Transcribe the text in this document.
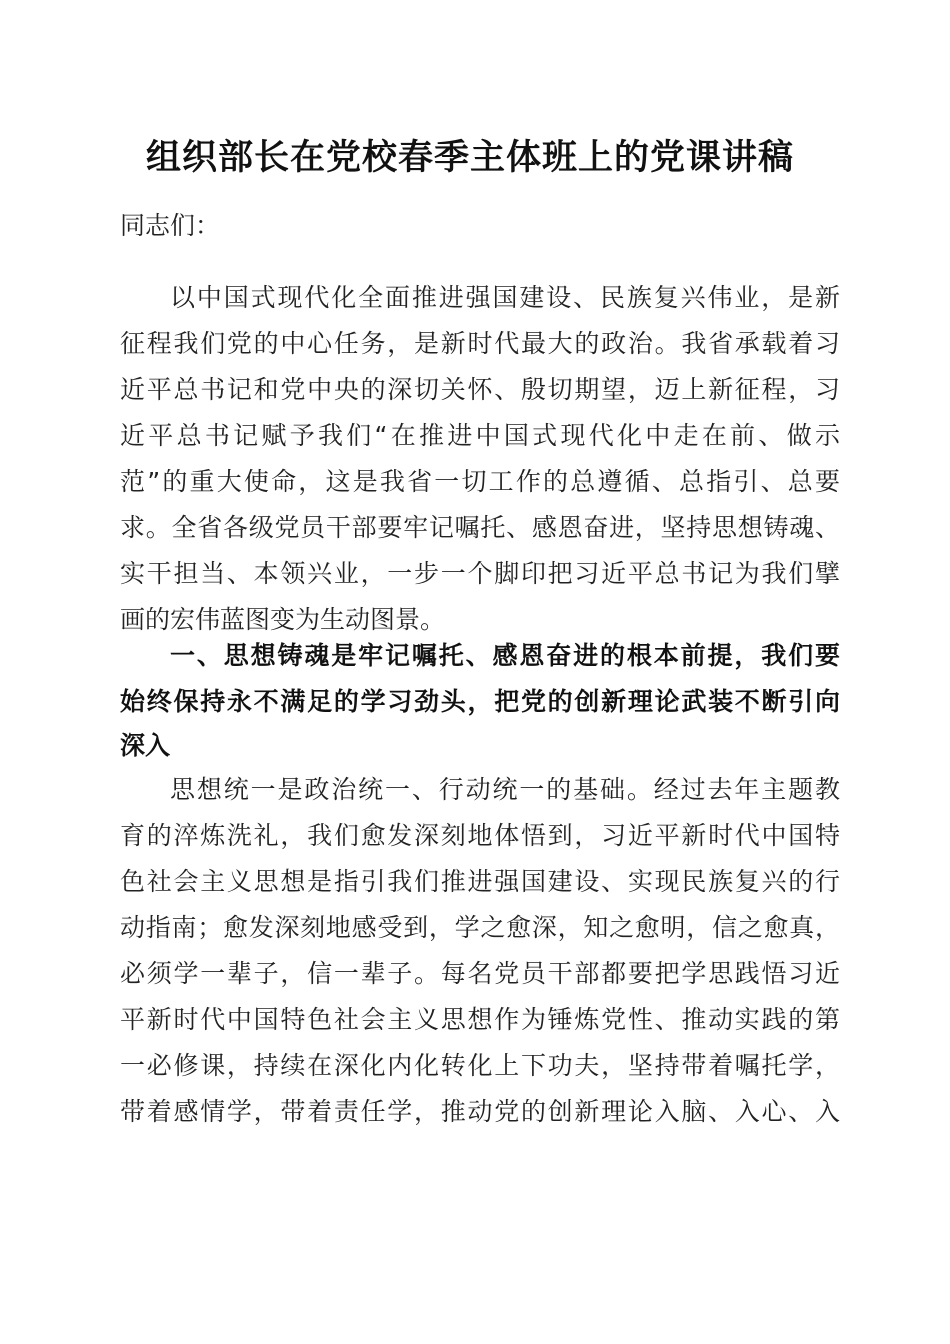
组织部长在党校春季主体班上的党课讲稿
同志们：
以中国式现代化全面推进强国建设、民族复兴伟业，是新
征程我们党的中心任务，是新时代最大的政治。我省承载着习
近平总书记和党中央的深切关怀、殷切期望，迈上新征程，习
近平总书记赋予我们“在推进中国式现代化中走在前、做示
范”的重大使命，这是我省一切工作的总遵循、总指引、总要
求。全省各级党员干部要牢记嘱托、感恩奋进，坚持思想铸魂、
实干担当、本领兴业，一步一个脚印把习近平总书记为我们擘
画的宏伟蓝图变为生动图景。
一、思想铸魂是牢记嘱托、感恩奋进的根本前提，我们要
始终保持永不满足的学习劲头，把党的创新理论武装不断引向
深入
思想统一是政治统一、行动统一的基础。经过去年主题教
育的淬炼洗礼，我们愈发深刻地体悟到，习近平新时代中国特
色社会主义思想是指引我们推进强国建设、实现民族复兴的行
动指南；愈发深刻地感受到，学之愈深，知之愈明，信之愈真，
必须学一辈子，信一辈子。每名党员干部都要把学思践悟习近
平新时代中国特色社会主义思想作为锤炼党性、推动实践的第
一必修课，持续在深化内化转化上下功夫，坚持带着嘱托学，
带着感情学，带着责任学，推动党的创新理论入脑、入心、入
